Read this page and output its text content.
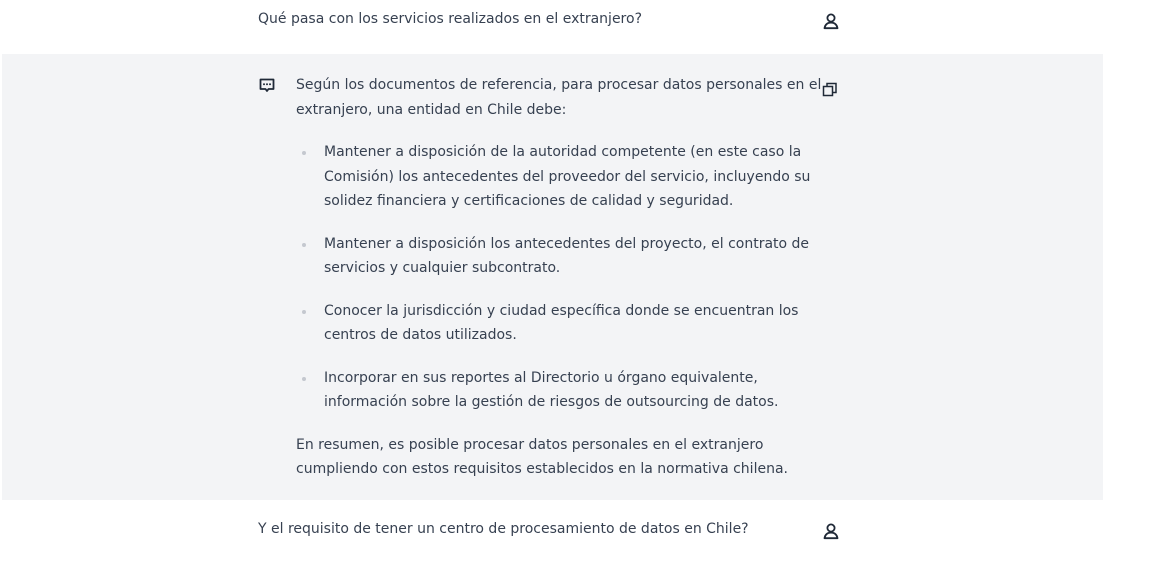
Qué pasa con los servicios realizados en el extranjero?

Según los documentos de referencia, para procesar datos personales en el extranjero, una entidad en Chile debe:

Mantener a disposición de la autoridad competente (en este caso la Comisión) los antecedentes del proveedor del servicio, incluyendo su solidez financiera y certificaciones de calidad y seguridad.
Mantener a disposición los antecedentes del proyecto, el contrato de servicios y cualquier subcontrato.
Conocer la jurisdicción y ciudad específica donde se encuentran los centros de datos utilizados.
Incorporar en sus reportes al Directorio u órgano equivalente, información sobre la gestión de riesgos de outsourcing de datos.

En resumen, es posible procesar datos personales en el extranjero cumpliendo con estos requisitos establecidos en la normativa chilena.

Y el requisito de tener un centro de procesamiento de datos en Chile?
